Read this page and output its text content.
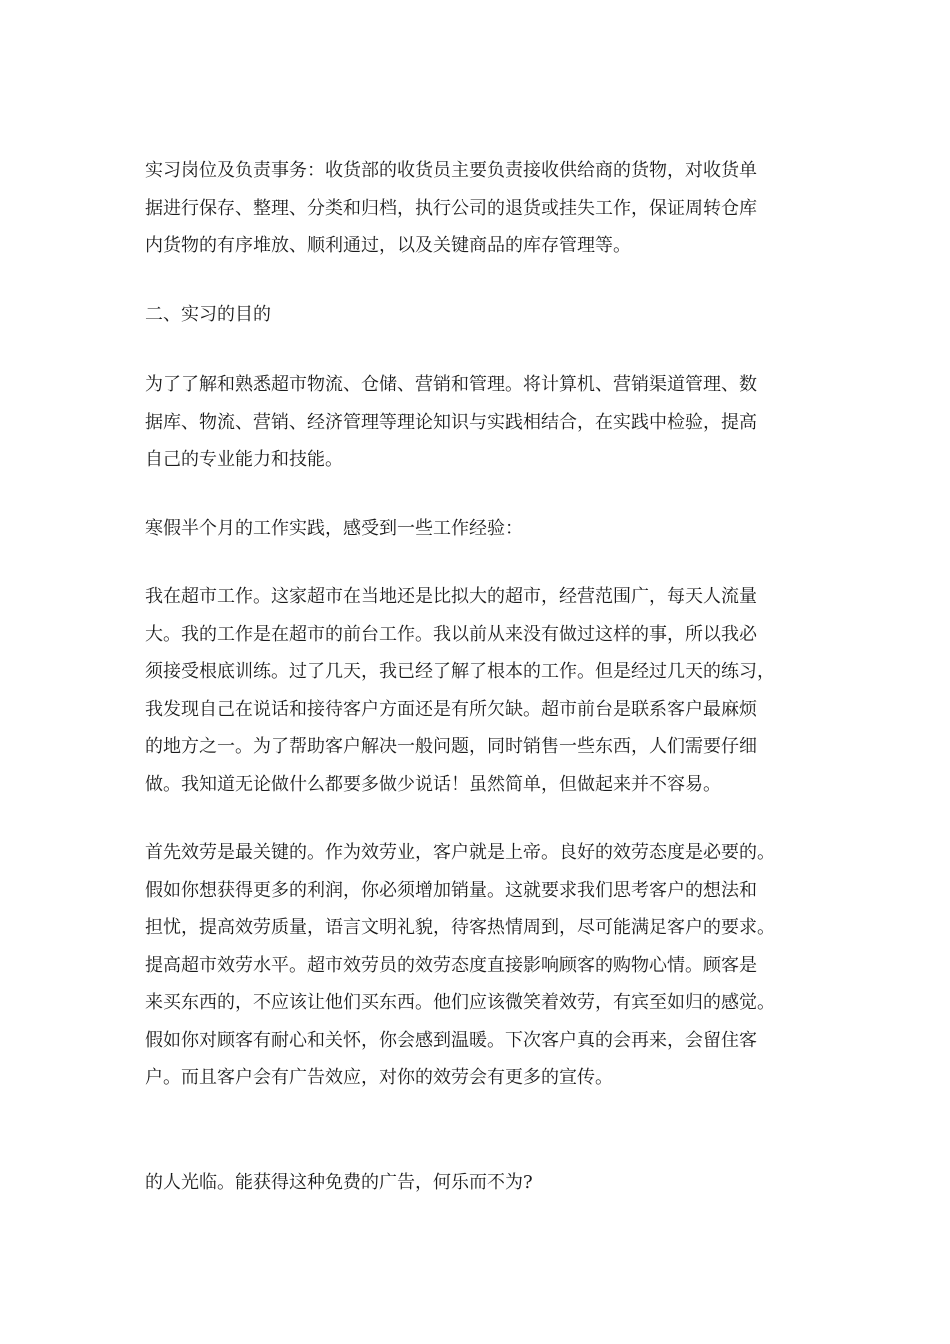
实习岗位及负责事务：收货部的收货员主要负责接收供给商的货物，对收货单
据进行保存、整理、分类和归档，执行公司的退货或挂失工作，保证周转仓库
内货物的有序堆放、顺利通过，以及关键商品的库存管理等。

二、实习的目的

为了了解和熟悉超市物流、仓储、营销和管理。将计算机、营销渠道管理、数
据库、物流、营销、经济管理等理论知识与实践相结合，在实践中检验，提高
自己的专业能力和技能。

寒假半个月的工作实践，感受到一些工作经验：

我在超市工作。这家超市在当地还是比拟大的超市，经营范围广，每天人流量
大。我的工作是在超市的前台工作。我以前从来没有做过这样的事，所以我必
须接受根底训练。过了几天，我已经了解了根本的工作。但是经过几天的练习，
我发现自己在说话和接待客户方面还是有所欠缺。超市前台是联系客户最麻烦
的地方之一。为了帮助客户解决一般问题，同时销售一些东西，人们需要仔细
做。我知道无论做什么都要多做少说话！虽然简单，但做起来并不容易。

首先效劳是最关键的。作为效劳业，客户就是上帝。良好的效劳态度是必要的。
假如你想获得更多的利润，你必须增加销量。这就要求我们思考客户的想法和
担忧，提高效劳质量，语言文明礼貌，待客热情周到，尽可能满足客户的要求。
提高超市效劳水平。超市效劳员的效劳态度直接影响顾客的购物心情。顾客是
来买东西的，不应该让他们买东西。他们应该微笑着效劳，有宾至如归的感觉。
假如你对顾客有耐心和关怀，你会感到温暖。下次客户真的会再来，会留住客
户。而且客户会有广告效应，对你的效劳会有更多的宣传。

的人光临。能获得这种免费的广告，何乐而不为?
